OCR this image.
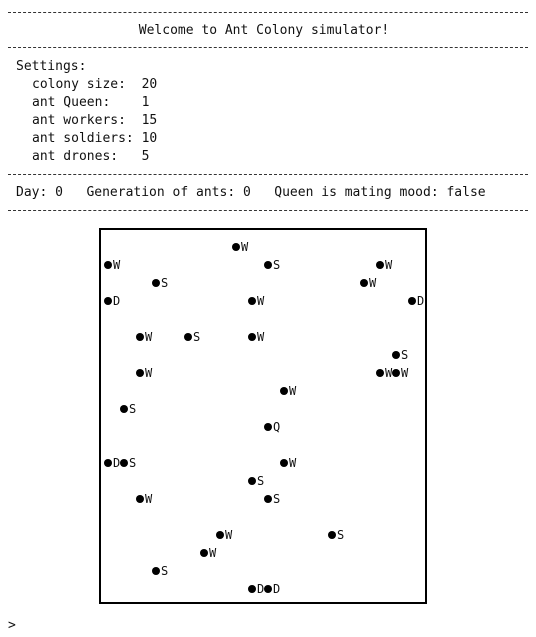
Welcome to Ant Colony simulator!
Settings:
colony size:  20
ant Queen:    1
ant workers:  15
ant soldiers: 10
ant drones:   5
Day: 0   Generation of ants: 0   Queen is mating mood: false
W
W	S	W
S	W
D	W	D
W	S	W
S
W	W W
W
S
Q
D S	W
S
W	S
W	S
W
S
D D
>
